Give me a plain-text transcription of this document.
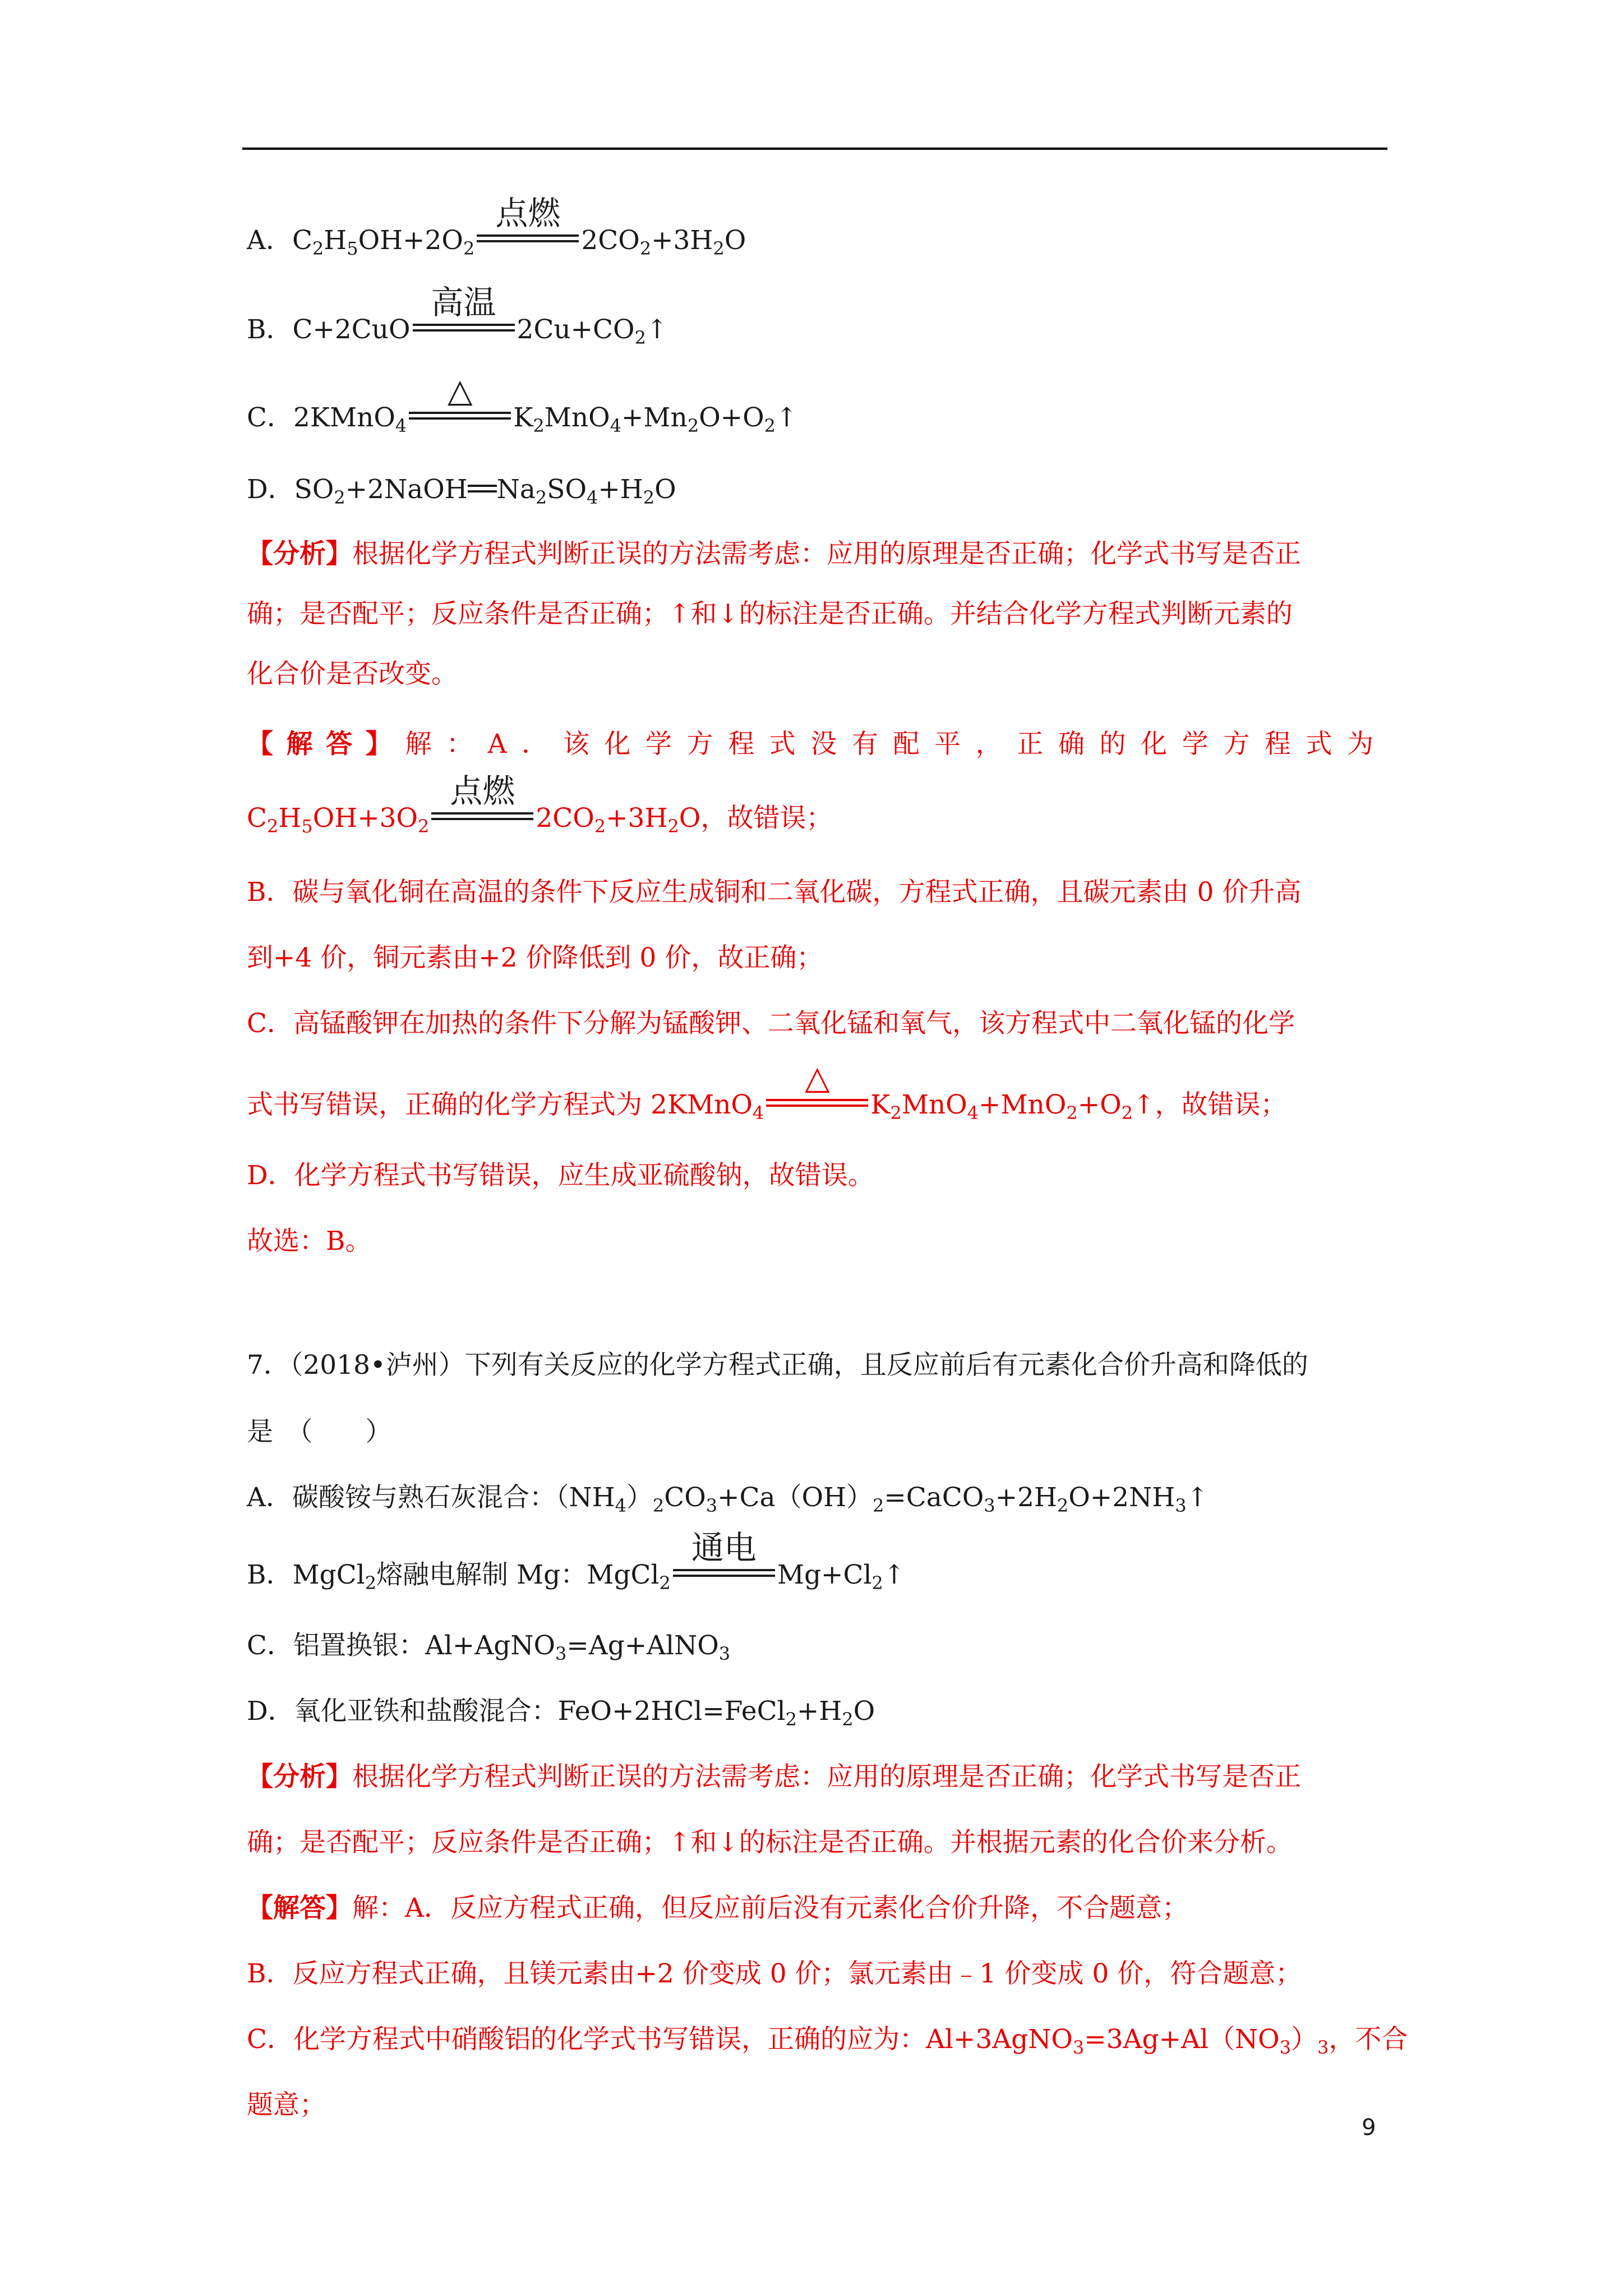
A．$C_2H_5OH+2O_2$
点燃
$2CO_2+3H_2O$
B．C+2CuO
高温
$2Cu+CO_2↑$
C．2KMnO$_4$
△
$K_2MnO_4+Mn_2O+O_2↑$
D．$SO_2+2NaOH$ $Na_2SO_4+H_2O$
【分析】根据化学方程式判断正误的方法需考虑：应用的原理是否正确；化学式书写是否正
确；是否配平；反应条件是否正确；↑和↓的标注是否正确。并结合化学方程式判断元素的
化合价是否改变。
【解答】解：A．该化学方程式没有配平，正确的化学方程式为
$C_2H_5OH+3O_2$
点燃
$2CO_2+3H_2O$，故错误；
B．碳与氧化铜在高温的条件下反应生成铜和二氧化碳，方程式正确，且碳元素由 0 价升高
到+4 价，铜元素由+2 价降低到 0 价，故正确；
C．高锰酸钾在加热的条件下分解为锰酸钾、二氧化锰和氧气，该方程式中二氧化锰的化学
式书写错误，正确的化学方程式为 2KMnO$_4$
△
$K_2MnO_4+MnO_2+O_2↑$，故错误；
D．化学方程式书写错误，应生成亚硫酸钠，故错误。
故选：B。
7．（2018•泸州）下列有关反应的化学方程式正确，且反应前后有元素化合价升高和降低的
是　（　　）
A．碳酸铵与熟石灰混合：$(NH_4)_2CO_3+Ca(OH)_2=CaCO_3+2H_2O+2NH_3↑$
B．MgCl$_2$熔融电解制 Mg：MgCl$_2$
通电
$Mg+Cl_2↑$
C．铝置换银：Al+AgNO$_3$=Ag+AlNO$_3$
D．氧化亚铁和盐酸混合：$FeO+2HCl=FeCl_2+H_2O$
【分析】根据化学方程式判断正误的方法需考虑：应用的原理是否正确；化学式书写是否正
确；是否配平；反应条件是否正确；↑和↓的标注是否正确。并根据元素的化合价来分析。
【解答】解：A．反应方程式正确，但反应前后没有元素化合价升降，不合题意；
B．反应方程式正确，且镁元素由+2 价变成 0 价；氯元素由﹣1 价变成 0 价，符合题意；
C．化学方程式中硝酸铝的化学式书写错误，正确的应为：$Al+3AgNO_3=3Ag+Al(NO_3)_3$，不合
题意；
9
